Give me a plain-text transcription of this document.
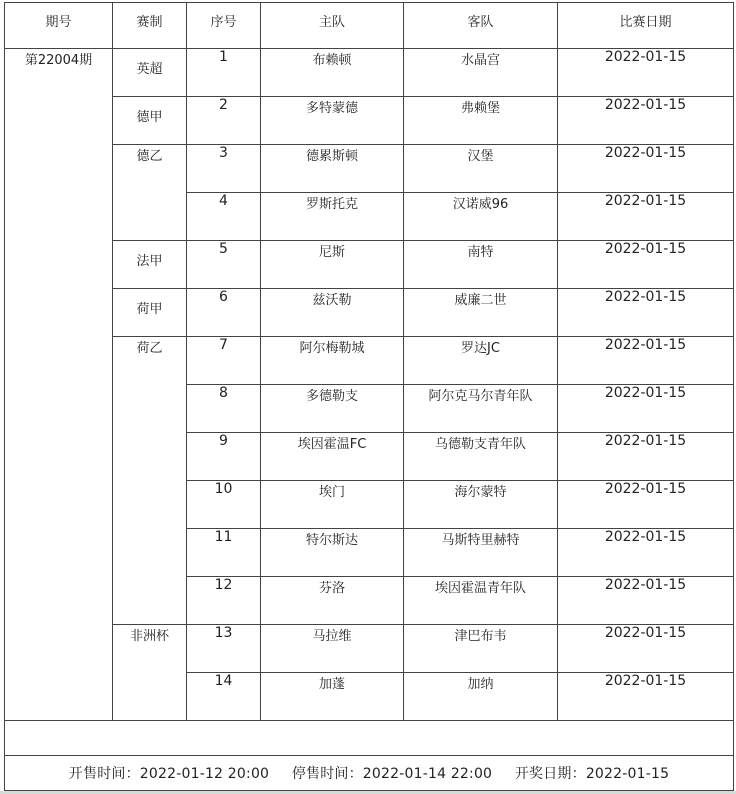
期号	赛制	序号	主队	客队	比赛日期
第22004期	英超	1	布赖顿	水晶宫	2022-01-15
	德甲	2	多特蒙德	弗赖堡	2022-01-15
	德乙	3	德累斯顿	汉堡	2022-01-15
		4	罗斯托克	汉诺威96	2022-01-15
	法甲	5	尼斯	南特	2022-01-15
	荷甲	6	兹沃勒	威廉二世	2022-01-15
	荷乙	7	阿尔梅勒城	罗达JC	2022-01-15
		8	多德勒支	阿尔克马尔青年队	2022-01-15
		9	埃因霍温FC	乌德勒支青年队	2022-01-15
		10	埃门	海尔蒙特	2022-01-15
		11	特尔斯达	马斯特里赫特	2022-01-15
		12	芬洛	埃因霍温青年队	2022-01-15
	非洲杯	13	马拉维	津巴布韦	2022-01-15
		14	加蓬	加纳	2022-01-15

开售时间：2022-01-12 20:00 停售时间：2022-01-14 22:00 开奖日期：2022-01-15					
